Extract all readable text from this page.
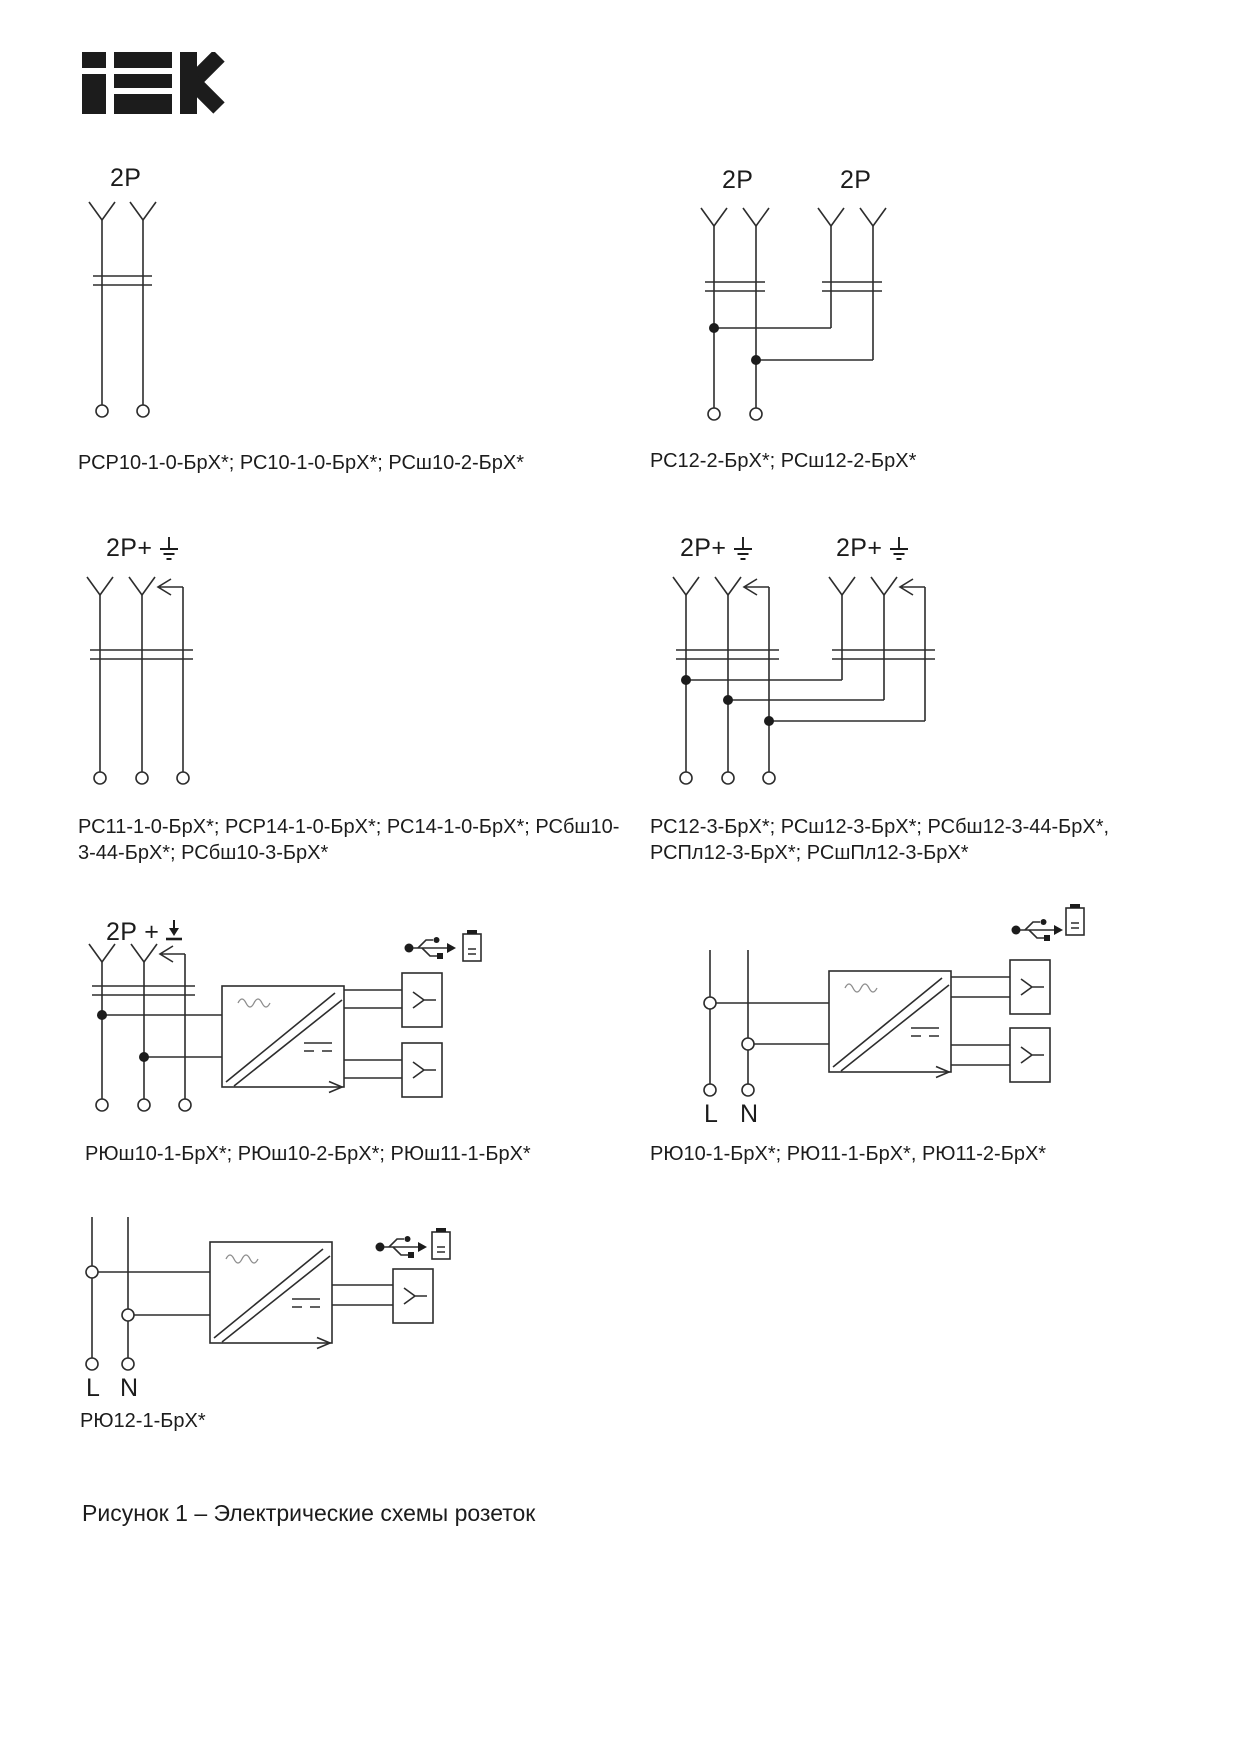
2P	2P	2P
2P+	2P+	2P+
2P +
L N
L N
РСР10-1-0-БрХ*; РС10-1-0-БрХ*; РСш10-2-БрХ*	РС12-2-БрХ*; РСш12-2-БрХ*
РС11-1-0-БрХ*; РСР14-1-0-БрХ*; РС14-1-0-БрХ*; РСбш10-
3-44-БрХ*; РСбш10-3-БрХ*
РС12-3-БрХ*; РСш12-3-БрХ*; РСбш12-3-44-БрХ*,
РСПл12-3-БрХ*; РСшПл12-3-БрХ*
РЮш10-1-БрХ*; РЮш10-2-БрХ*; РЮш11-1-БрХ*	РЮ10-1-БрХ*; РЮ11-1-БрХ*, РЮ11-2-БрХ*
РЮ12-1-БрХ*
Рисунок 1 – Электрические схемы розеток
